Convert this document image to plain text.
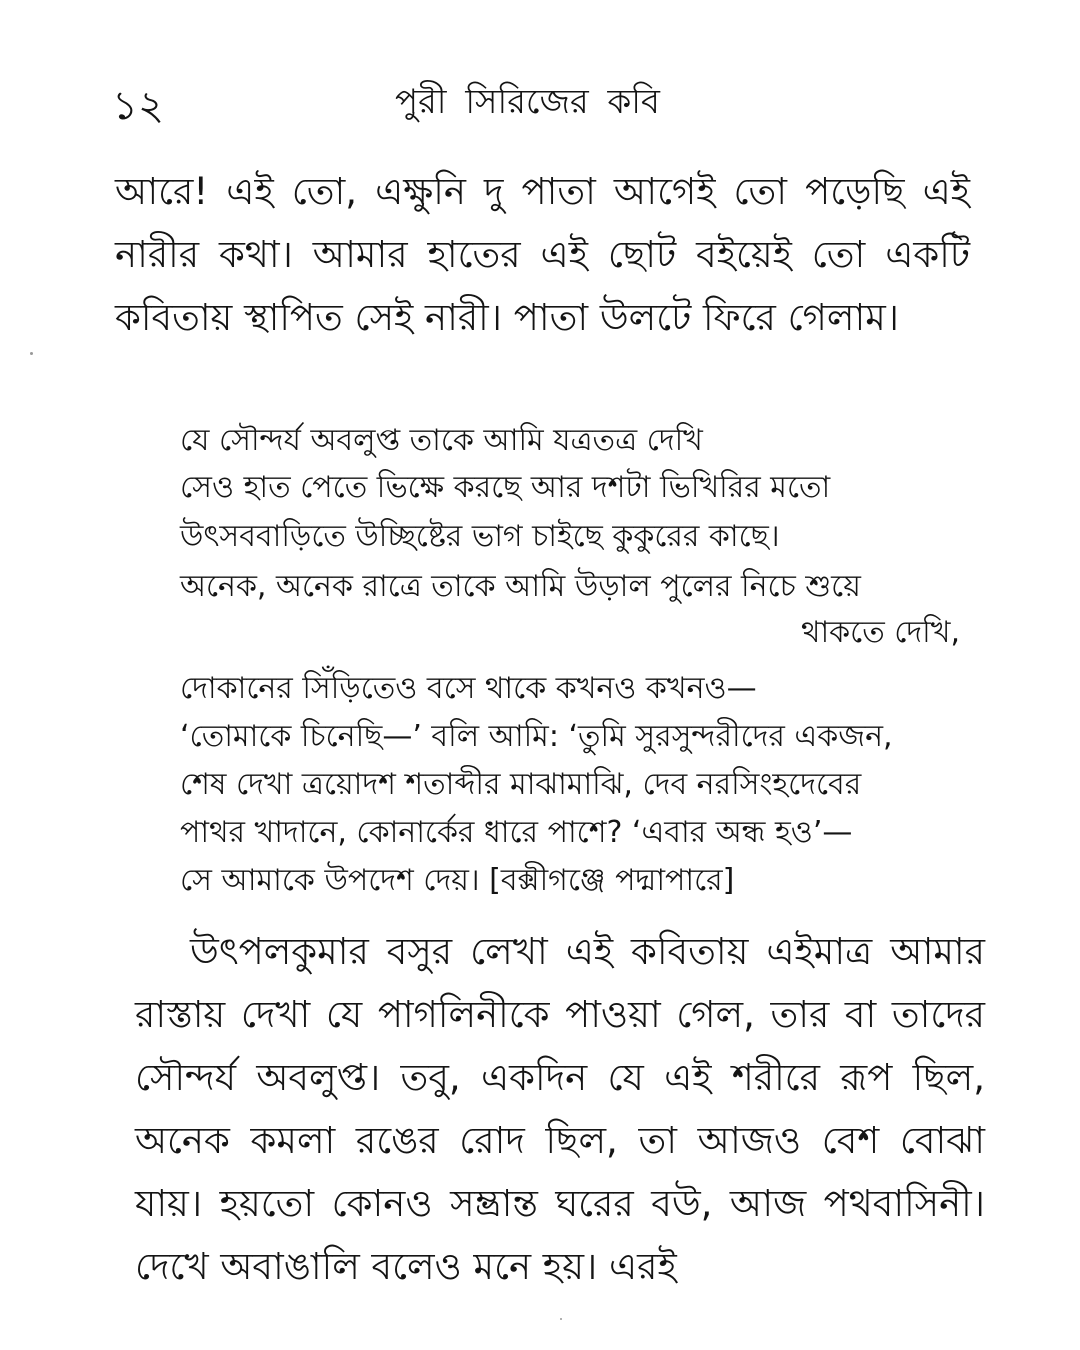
১২	পুরী সিরিজের কবি

আরে! এই তো, এক্ষুনি দু পাতা আগেই তো পড়েছি এই নারীর কথা। আমার হাতের এই ছোট বইয়েই তো একটি কবিতায় স্থাপিত সেই নারী। পাতা উলটে ফিরে গেলাম।

যে সৌন্দর্য অবলুপ্ত তাকে আমি যত্রতত্র দেখি
সেও হাত পেতে ভিক্ষে করছে আর দশটা ভিখিরির মতো
উৎসববাড়িতে উচ্ছিষ্টের ভাগ চাইছে কুকুরের কাছে।
অনেক, অনেক রাত্রে তাকে আমি উড়াল পুলের নিচে শুয়ে
থাকতে দেখি,
দোকানের সিঁড়িতেও বসে থাকে কখনও কখনও—
‘তোমাকে চিনেছি—’ বলি আমি: ‘তুমি সুরসুন্দরীদের একজন,
শেষ দেখা ত্রয়োদশ শতাব্দীর মাঝামাঝি, দেব নরসিংহদেবের
পাথর খাদানে, কোনার্কের ধারে পাশে? ‘এবার অন্ধ হও’—
সে আমাকে উপদেশ দেয়। [বক্সীগঞ্জে পদ্মাপারে]

উৎপলকুমার বসুর লেখা এই কবিতায় এইমাত্র আমার রাস্তায় দেখা যে পাগলিনীকে পাওয়া গেল, তার বা তাদের সৌন্দর্য অবলুপ্ত। তবু, একদিন যে এই শরীরে রূপ ছিল, অনেক কমলা রঙের রোদ ছিল, তা আজও বেশ বোঝা যায়। হয়তো কোনও সম্ভ্রান্ত ঘরের বউ, আজ পথবাসিনী। দেখে অবাঙালি বলেও মনে হয়। এরই
